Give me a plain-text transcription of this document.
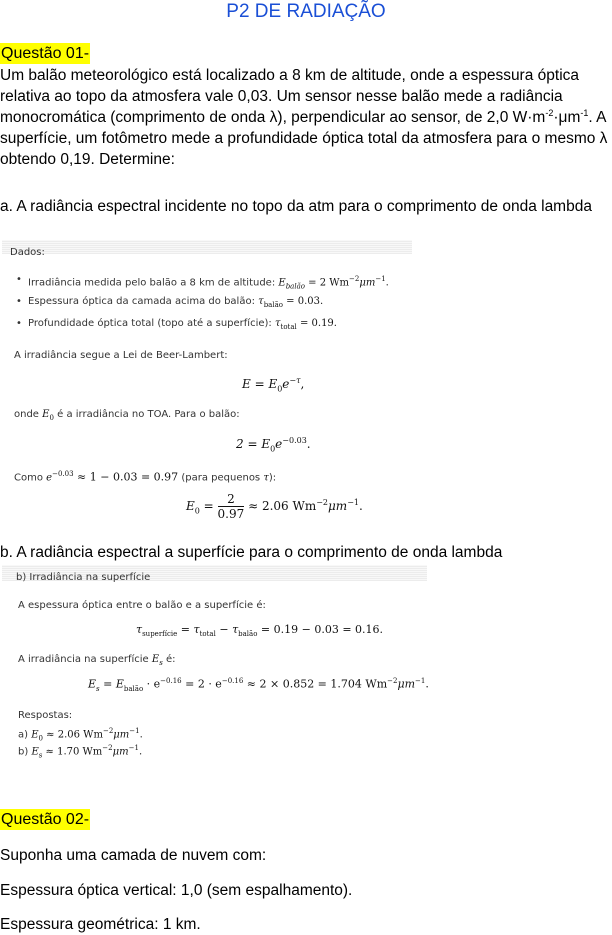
P2 DE RADIAÇÃO
Questão 01-
Um balão meteorológico está localizado a 8 km de altitude, onde a espessura óptica relativa ao topo da atmosfera vale 0,03. Um sensor nesse balão mede a radiância monocromática (comprimento de onda λ), perpendicular ao sensor, de 2,0 $W\cdot m^{-2}\cdot\mu m^{-1}$. A superfície, um fotômetro mede a profundidade óptica total da atmosfera para o mesmo λ obtendo 0,19. Determine:
a. A radiância espectral incidente no topo da atm para o comprimento de onda lambda
Dados:
• Irradiância medida pelo balão a 8 km de altitude: $E_{balão} = 2$ $Wm^{-2}\mu m^{-1}$.
• Espessura óptica da camada acima do balão: $\tau_{balão} = 0.03$.
• Profundidade óptica total (topo até a superfície): $\tau_{total} = 0.19$.
A irradiância segue a Lei de Beer-Lambert:
$E = E_0e^{-\tau}$,
onde $E_0$ é a irradiância no TOA. Para o balão:
$2 = E_0e^{-0.03}$.
Como $e^{-0.03} \approx 1 - 0.03 = 0.97$ (para pequenos τ):
$E_0 = \frac{2}{0.97} \approx 2.06$ $Wm^{-2}\mu m^{-1}$.
b. A radiância espectral a superfície para o comprimento de onda lambda
b) Irradiância na superfície
A espessura óptica entre o balão e a superfície é:
$\tau_{superfície} = \tau_{total} - \tau_{balão} = 0.19 - 0.03 = 0.16$.
A irradiância na superfície $E_s$ é:
$E_s = E_{balão} \cdot e^{-0.16} = 2 \cdot e^{-0.16} \approx 2 \times 0.852 = 1.704$ $Wm^{-2}\mu m^{-1}$.
Respostas:
a) $E_0 \approx 2.06$ $Wm^{-2}\mu m^{-1}$.
b) $E_s \approx 1.70$ $Wm^{-2}\mu m^{-1}$.
Questão 02-
Suponha uma camada de nuvem com:
Espessura óptica vertical: 1,0 (sem espalhamento).
Espessura geométrica: 1 km.
